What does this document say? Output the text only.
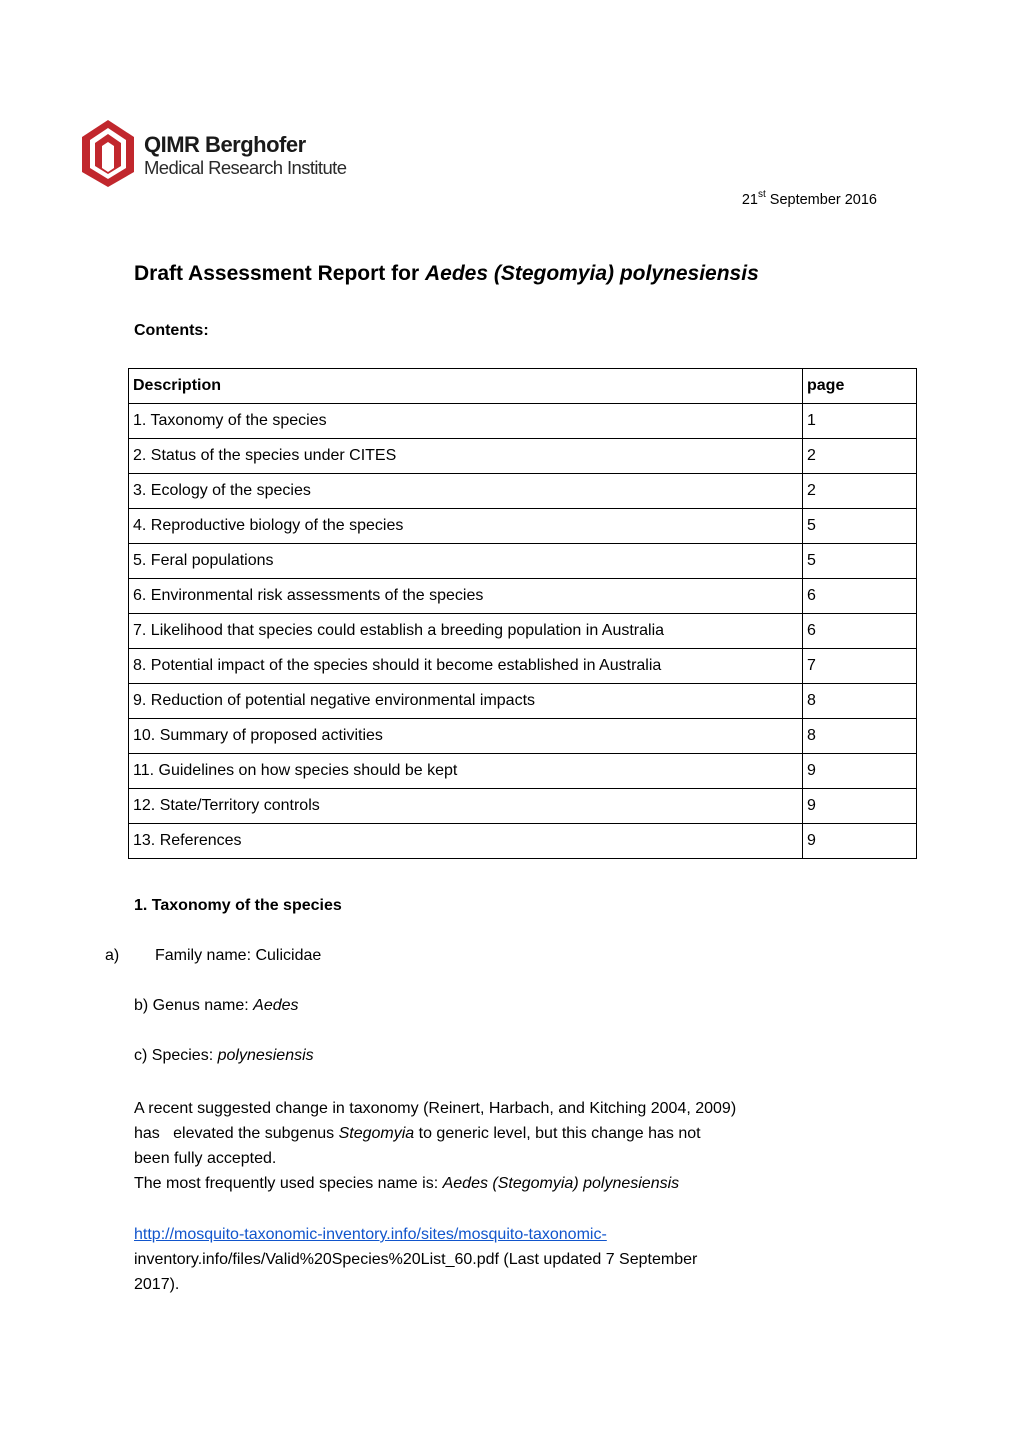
QIMR Berghofer
Medical Research Institute
21st September 2016
Draft Assessment Report for Aedes (Stegomyia) polynesiensis
Contents:
Description	page
1. Taxonomy of the species	1
2. Status of the species under CITES	2
3. Ecology of the species	2
4. Reproductive biology of the species	5
5. Feral populations	5
6. Environmental risk assessments of the species	6
7. Likelihood that species could establish a breeding population in Australia	6
8. Potential impact of the species should it become established in Australia	7
9. Reduction of potential negative environmental impacts	8
10. Summary of proposed activities	8
11. Guidelines on how species should be kept	9
12. State/Territory controls	9
13. References	9
1. Taxonomy of the species
a) Family name: Culicidae
b) Genus name: Aedes
c) Species: polynesiensis
A recent suggested change in taxonomy (Reinert, Harbach, and Kitching 2004, 2009)
has   elevated the subgenus Stegomyia to generic level, but this change has not
been fully accepted.
The most frequently used species name is: Aedes (Stegomyia) polynesiensis
http://mosquito-taxonomic-inventory.info/sites/mosquito-taxonomic-
inventory.info/files/Valid%20Species%20List_60.pdf (Last updated 7 September
2017).
